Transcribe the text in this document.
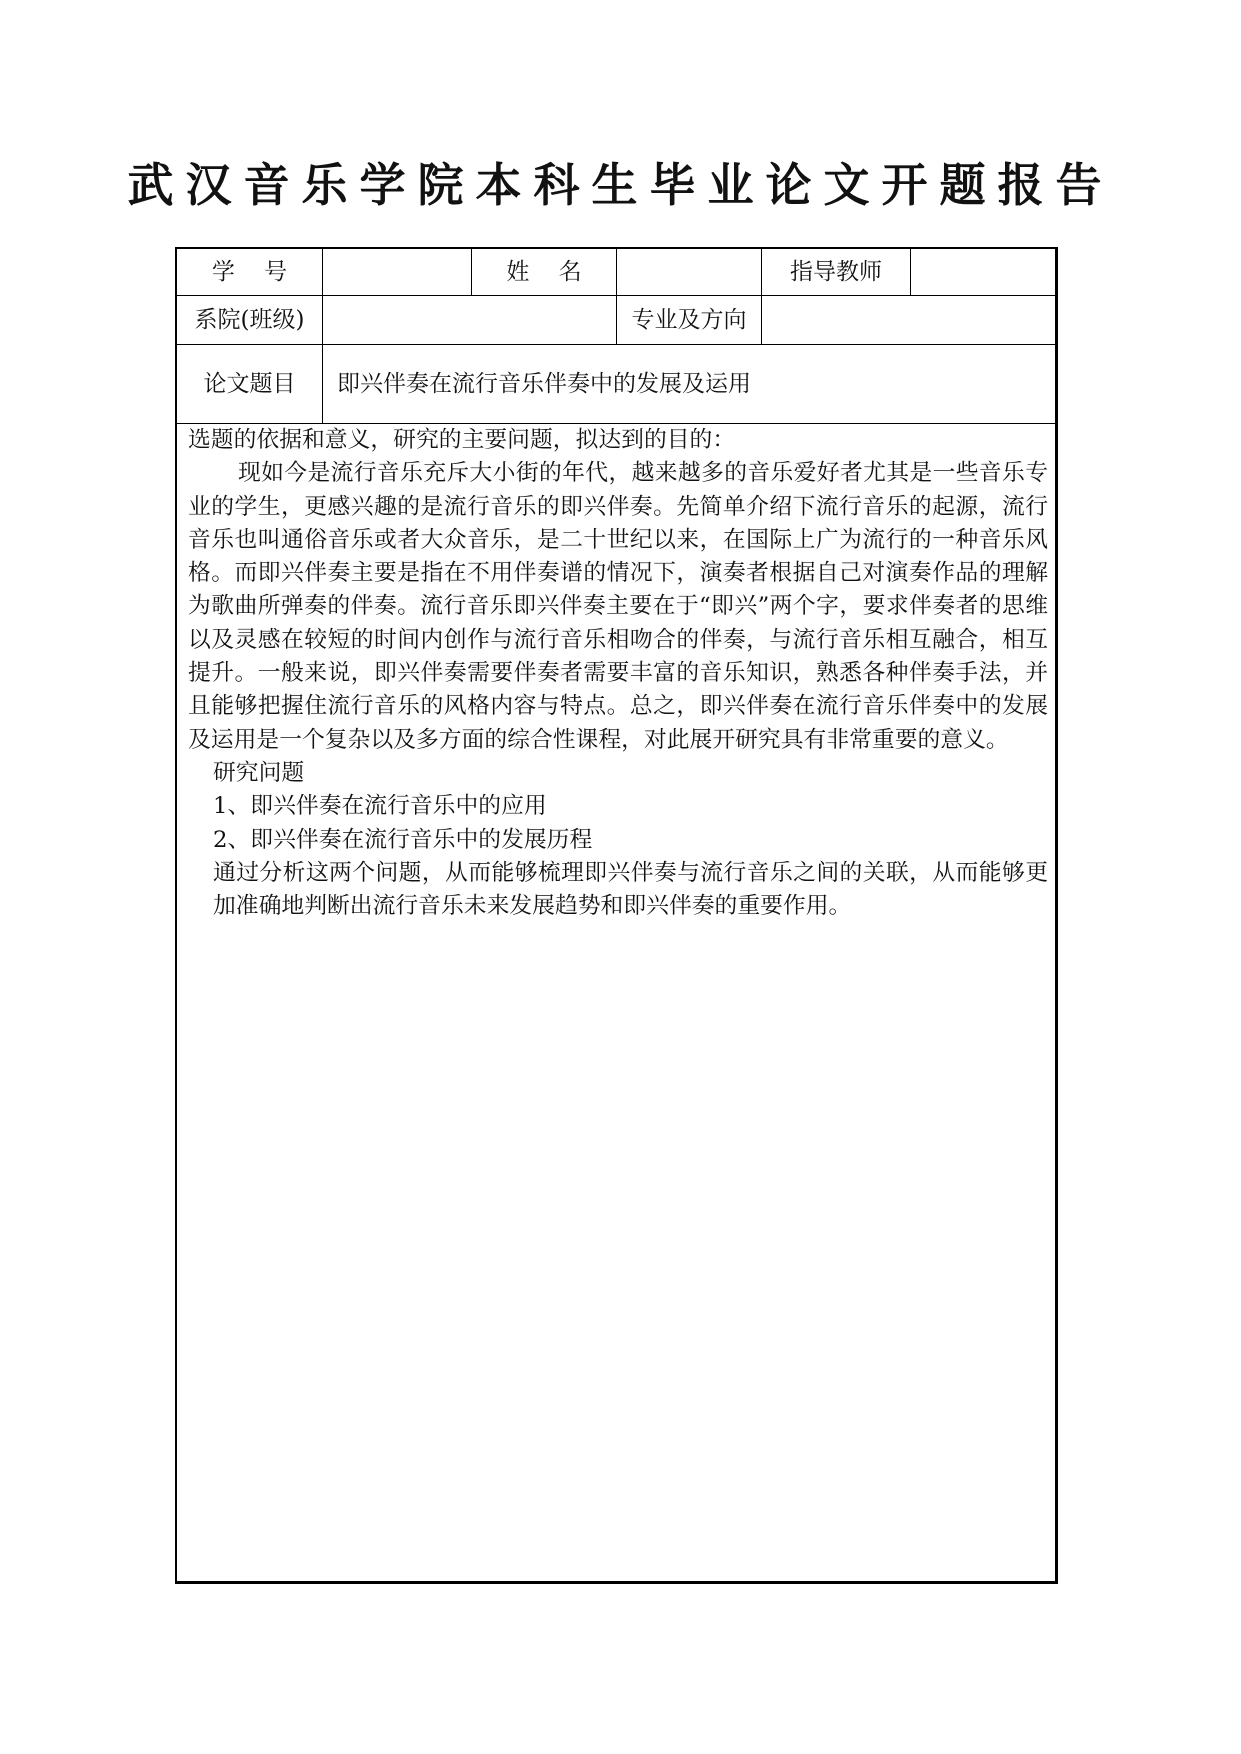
武汉音乐学院本科生毕业论文开题报告
学    号	姓    名	指导教师
系院(班级)	专业及方向
论文题目	即兴伴奏在流行音乐伴奏中的发展及运用

选题的依据和意义，研究的主要问题，拟达到的目的：

现如今是流行音乐充斥大小街的年代，越来越多的音乐爱好者尤其是一些音乐专业的学生，更感兴趣的是流行音乐的即兴伴奏。先简单介绍下流行音乐的起源，流行音乐也叫通俗音乐或者大众音乐，是二十世纪以来，在国际上广为流行的一种音乐风格。而即兴伴奏主要是指在不用伴奏谱的情况下，演奏者根据自己对演奏作品的理解为歌曲所弹奏的伴奏。流行音乐即兴伴奏主要在于“即兴”两个字，要求伴奏者的思维以及灵感在较短的时间内创作与流行音乐相吻合的伴奏，与流行音乐相互融合，相互提升。一般来说，即兴伴奏需要伴奏者需要丰富的音乐知识，熟悉各种伴奏手法，并且能够把握住流行音乐的风格内容与特点。总之，即兴伴奏在流行音乐伴奏中的发展及运用是一个复杂以及多方面的综合性课程，对此展开研究具有非常重要的意义。

研究问题

1、即兴伴奏在流行音乐中的应用

2、即兴伴奏在流行音乐中的发展历程

通过分析这两个问题，从而能够梳理即兴伴奏与流行音乐之间的关联，从而能够更加准确地判断出流行音乐未来发展趋势和即兴伴奏的重要作用。
